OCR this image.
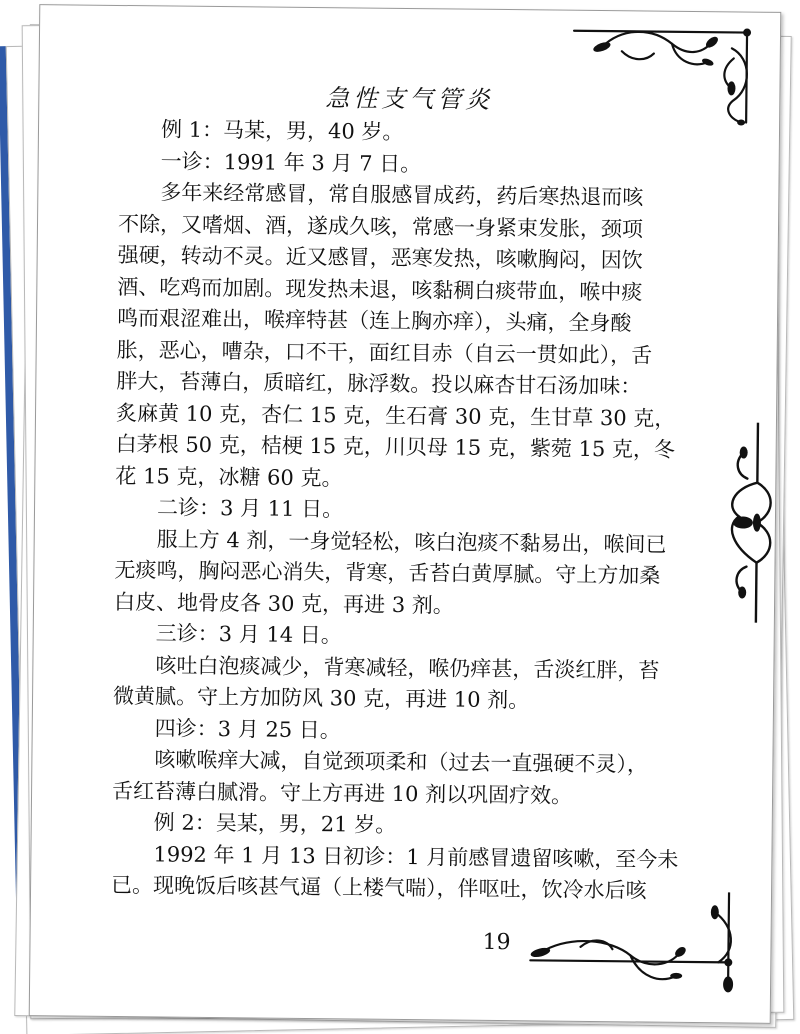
急性支气管炎
例 1：马某，男，40 岁。
一诊：1991 年 3 月 7 日。
多年来经常感冒，常自服感冒成药，药后寒热退而咳
不除，又嗜烟、酒，遂成久咳，常感一身紧束发胀，颈项
强硬，转动不灵。近又感冒，恶寒发热，咳嗽胸闷，因饮
酒、吃鸡而加剧。现发热未退，咳黏稠白痰带血，喉中痰
鸣而艰涩难出，喉痒特甚（连上胸亦痒），头痛，全身酸
胀，恶心，嘈杂，口不干，面红目赤（自云一贯如此），舌
胖大，苔薄白，质暗红，脉浮数。投以麻杏甘石汤加味：
炙麻黄 10 克，杏仁 15 克，生石膏 30 克，生甘草 30 克，
白茅根 50 克，桔梗 15 克，川贝母 15 克，紫菀 15 克，冬
花 15 克，冰糖 60 克。
二诊：3 月 11 日。
服上方 4 剂，一身觉轻松，咳白泡痰不黏易出，喉间已
无痰鸣，胸闷恶心消失，背寒，舌苔白黄厚腻。守上方加桑
白皮、地骨皮各 30 克，再进 3 剂。
三诊：3 月 14 日。
咳吐白泡痰减少，背寒减轻，喉仍痒甚，舌淡红胖，苔
微黄腻。守上方加防风 30 克，再进 10 剂。
四诊：3 月 25 日。
咳嗽喉痒大减，自觉颈项柔和（过去一直强硬不灵），
舌红苔薄白腻滑。守上方再进 10 剂以巩固疗效。
例 2：吴某，男，21 岁。
1992 年 1 月 13 日初诊：1 月前感冒遗留咳嗽，至今未
已。现晚饭后咳甚气逼（上楼气喘），伴呕吐，饮冷水后咳
19
